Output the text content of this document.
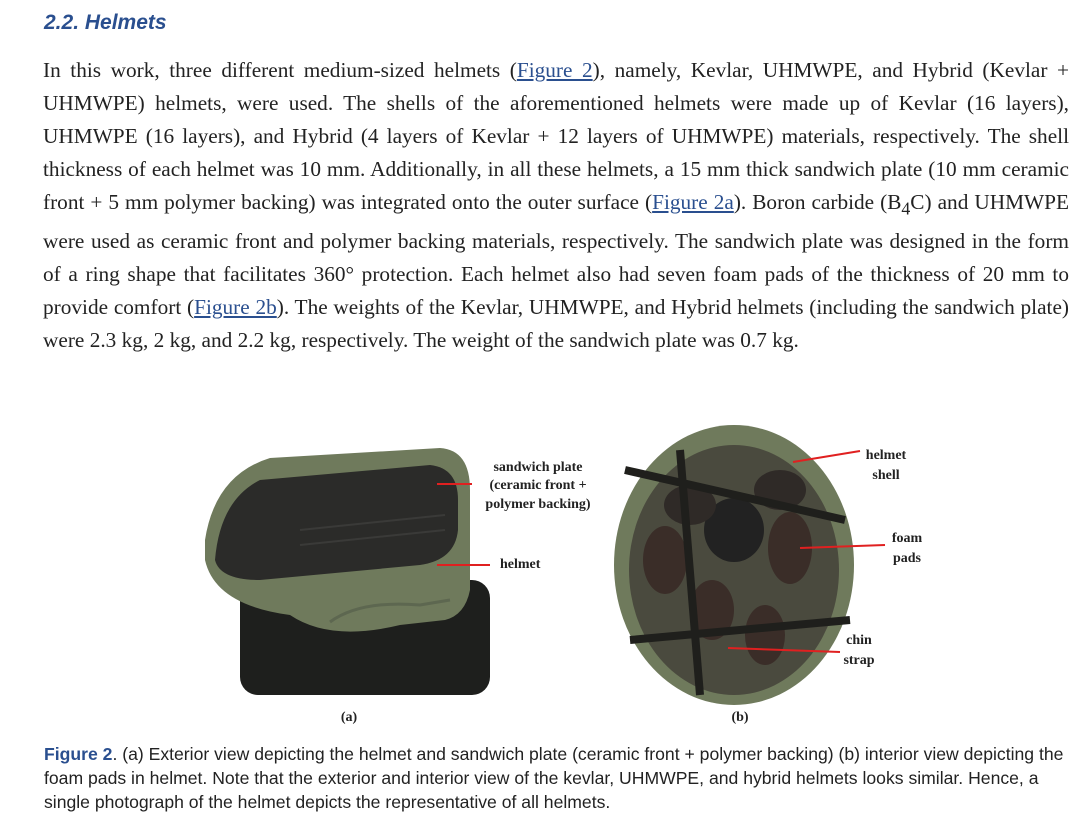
2.2. Helmets

In this work, three different medium-sized helmets (Figure 2), namely, Kevlar, UHMWPE, and Hybrid (Kevlar + UHMWPE) helmets, were used. The shells of the aforementioned helmets were made up of Kevlar (16 layers), UHMWPE (16 layers), and Hybrid (4 layers of Kevlar + 12 layers of UHMWPE) materials, respectively. The shell thickness of each helmet was 10 mm. Additionally, in all these helmets, a 15 mm thick sandwich plate (10 mm ceramic front + 5 mm polymer backing) was integrated onto the outer surface (Figure 2a). Boron carbide $(B_4C)$ and UHMWPE were used as ceramic front and polymer backing materials, respectively. The sandwich plate was designed in the form of a ring shape that facilitates 360° protection. Each helmet also had seven foam pads of the thickness of 20 mm to provide comfort (Figure 2b). The weights of the Kevlar, UHMWPE, and Hybrid helmets (including the sandwich plate) were 2.3 kg, 2 kg, and 2.2 kg, respectively. The weight of the sandwich plate was 0.7 kg.

sandwich plate
(ceramic front +
polymer backing)
helmet
(a)
helmet
shell
foam
pads
chin
strap
(b)

Figure 2. (a) Exterior view depicting the helmet and sandwich plate (ceramic front + polymer backing) (b) interior view depicting the foam pads in helmet. Note that the exterior and interior view of the kevlar, UHMWPE, and hybrid helmets looks similar. Hence, a single photograph of the helmet depicts the representative of all helmets.
